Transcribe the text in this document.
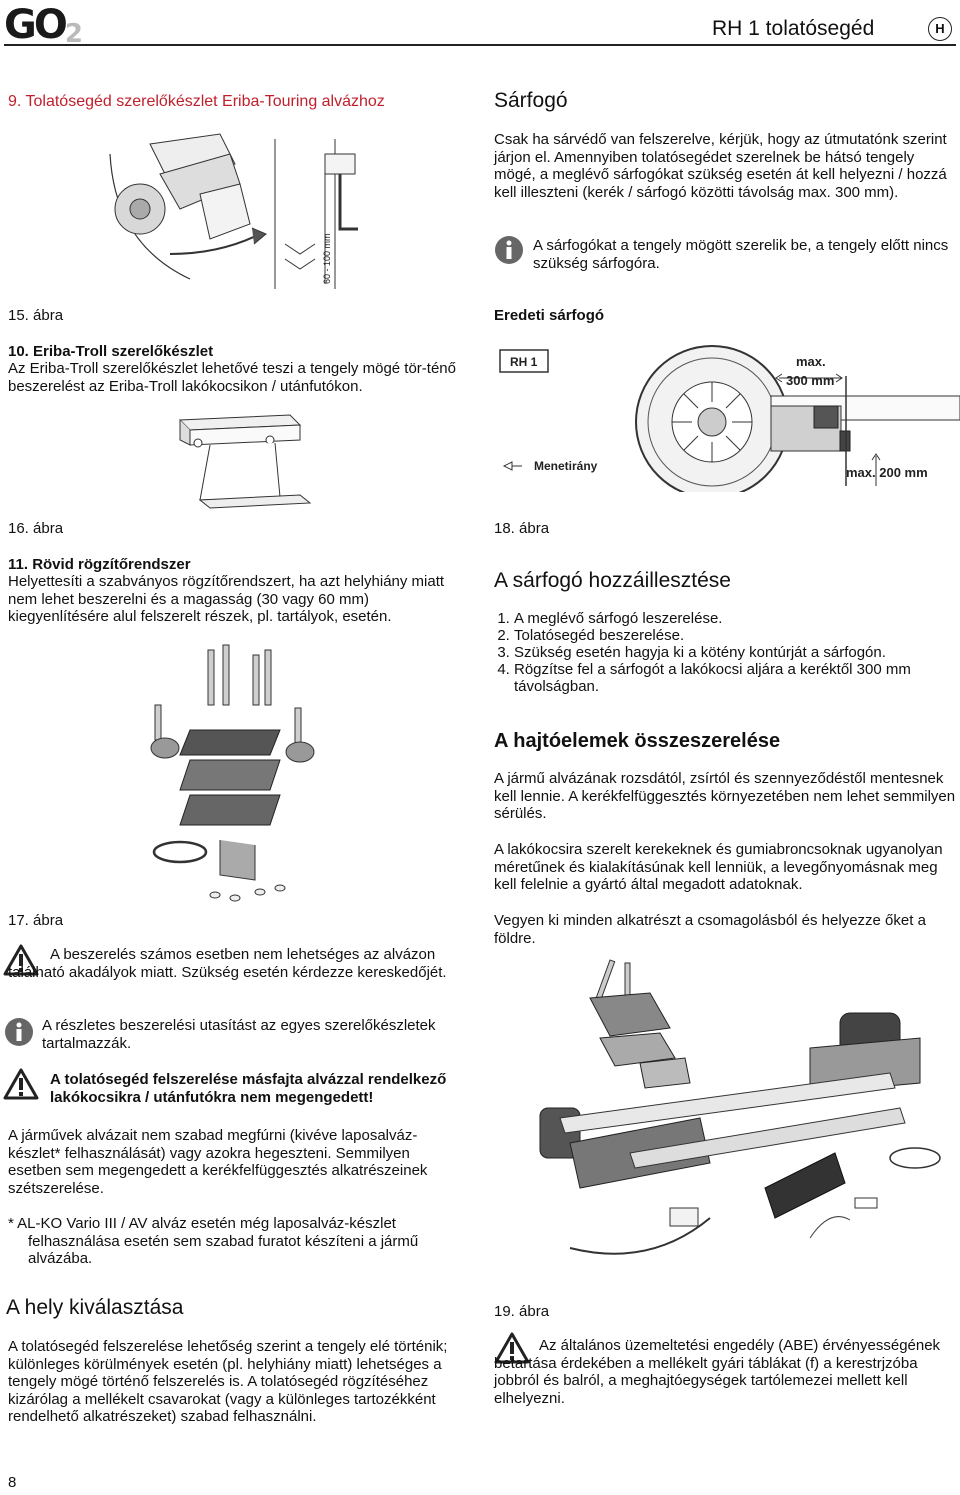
$GO_2$	RH 1 tolatósegéd	H
9. Tolatósegéd szerelőkészlet Eriba-Touring alvázhoz
60 - 100 mm
15. ábra
10. Eriba-Troll szerelőkészlet
Az Eriba-Troll szerelőkészlet lehetővé teszi a tengely mögé tör-ténő beszerelést az Eriba-Troll lakókocsikon / utánfutókon.
16. ábra
11. Rövid rögzítőrendszer
Helyettesíti a szabványos rögzítőrendszert, ha azt helyhiány miatt nem lehet beszerelni és a magasság (30 vagy 60 mm) kiegyenlítésére alul felszerelt részek, pl. tartályok, esetén.
17. ábra
A beszerelés számos esetben nem lehetséges az alvázon található akadályok miatt. Szükség esetén kérdezze kereskedőjét.
A részletes beszerelési utasítást az egyes szerelőkészletek tartalmazzák.
A tolatósegéd felszerelése másfajta alvázzal rendelkező lakókocsikra / utánfutókra nem megengedett!
A járművek alvázait nem szabad megfúrni (kivéve laposalváz-készlet* felhasználását) vagy azokra hegeszteni. Semmilyen esetben sem megengedett a kerékfelfüggesztés alkatrészeinek szétszerelése.
* AL-KO Vario III / AV alváz esetén még laposalváz-készlet felhasználása esetén sem szabad furatot készíteni a jármű alvázába.
A hely kiválasztása
A tolatósegéd felszerelése lehetőség szerint a tengely elé történik; különleges körülmények esetén (pl. helyhiány miatt) lehetséges a tengely mögé történő felszerelés is. A tolatósegéd rögzítéséhez kizárólag a mellékelt csavarokat (vagy a különleges tartozékként rendelhető alkatrészeket) szabad felhasználni.
8
Sárfogó
Csak ha sárvédő van felszerelve, kérjük, hogy az útmutatónk szerint járjon el. Amennyiben tolatósegédet szerelnek be hátsó tengely mögé, a meglévő sárfogókat szükség esetén át kell helyezni / hozzá kell illeszteni (kerék / sárfogó közötti távolság max. 300 mm).
A sárfogókat a tengely mögött szerelik be, a tengely előtt nincs szükség sárfogóra.
Eredeti sárfogó
RH 1	max.
300 mm
Menetirány	max. 200 mm
18. ábra
A sárfogó hozzáillesztése
1. A meglévő sárfogó leszerelése.
2. Tolatósegéd beszerelése.
3. Szükség esetén hagyja ki a kötény kontúrját a sárfogón.
4. Rögzítse fel a sárfogót a lakókocsi aljára a keréktől 300 mm távolságban.
A hajtóelemek összeszerelése
A jármű alvázának rozsdától, zsírtól és szennyeződéstől mentesnek kell lennie. A kerékfelfüggesztés környezetében nem lehet semmilyen sérülés.
A lakókocsira szerelt kerekeknek és gumiabroncsoknak ugyanolyan méretűnek és kialakításúnak kell lenniük, a levegőnyomásnak meg kell felelnie a gyártó által megadott adatoknak.
Vegyen ki minden alkatrészt a csomagolásból és helyezze őket a földre.
19. ábra
Az általános üzemeltetési engedély (ABE) érvényességének betartása érdekében a mellékelt gyári táblákat (f) a kerestrjzóba jobbról és balról, a meghajtóegységek tartólemezei mellett kell elhelyezni.
